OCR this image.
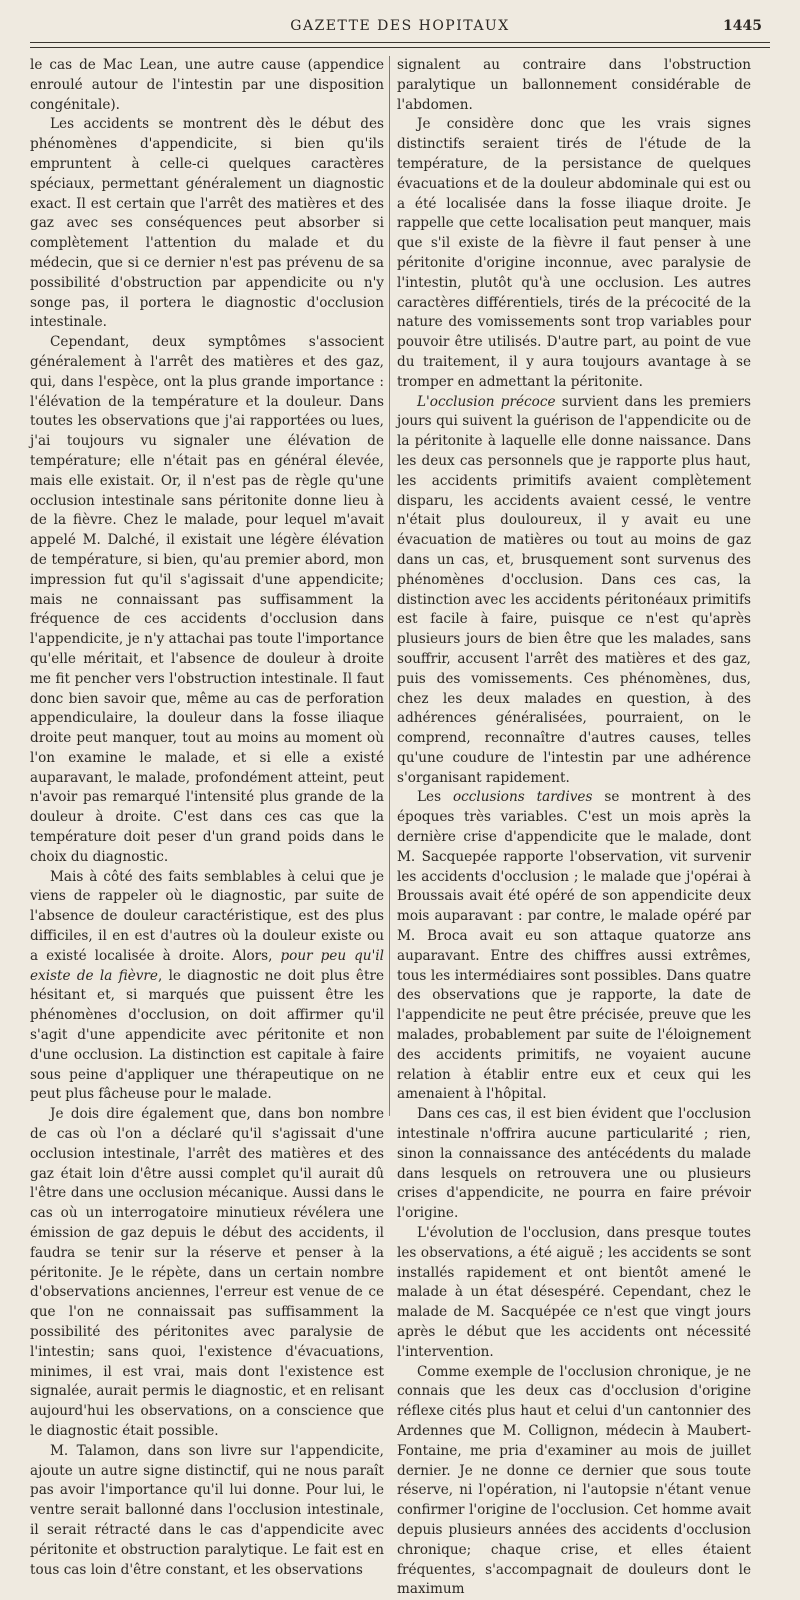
GAZETTE DES HOPITAUX	1445

le cas de Mac Lean, une autre cause (appendice enroulé autour de l'intestin par une disposition congénitale).

Les accidents se montrent dès le début des phénomènes d'appendicite, si bien qu'ils empruntent à celle-ci quelques caractères spéciaux, permettant généralement un diagnostic exact. Il est certain que l'arrêt des matières et des gaz avec ses conséquences peut absorber si complètement l'attention du malade et du médecin, que si ce dernier n'est pas prévenu de sa possibilité d'obstruction par appendicite ou n'y songe pas, il portera le diagnostic d'occlusion intestinale.

Cependant, deux symptômes s'associent généralement à l'arrêt des matières et des gaz, qui, dans l'espèce, ont la plus grande importance : l'élévation de la température et la douleur. Dans toutes les observations que j'ai rapportées ou lues, j'ai toujours vu signaler une élévation de température; elle n'était pas en général élevée, mais elle existait. Or, il n'est pas de règle qu'une occlusion intestinale sans péritonite donne lieu à de la fièvre. Chez le malade, pour lequel m'avait appelé M. Dalché, il existait une légère élévation de température, si bien, qu'au premier abord, mon impression fut qu'il s'agissait d'une appendicite; mais ne connaissant pas suffisamment la fréquence de ces accidents d'occlusion dans l'appendicite, je n'y attachai pas toute l'importance qu'elle méritait, et l'absence de douleur à droite me fit pencher vers l'obstruction intestinale. Il faut donc bien savoir que, même au cas de perforation appendiculaire, la douleur dans la fosse iliaque droite peut manquer, tout au moins au moment où l'on examine le malade, et si elle a existé auparavant, le malade, profondément atteint, peut n'avoir pas remarqué l'intensité plus grande de la douleur à droite. C'est dans ces cas que la température doit peser d'un grand poids dans le choix du diagnostic.

Mais à côté des faits semblables à celui que je viens de rappeler où le diagnostic, par suite de l'absence de douleur caractéristique, est des plus difficiles, il en est d'autres où la douleur existe ou a existé localisée à droite. Alors, pour peu qu'il existe de la fièvre, le diagnostic ne doit plus être hésitant et, si marqués que puissent être les phénomènes d'occlusion, on doit affirmer qu'il s'agit d'une appendicite avec péritonite et non d'une occlusion. La distinction est capitale à faire sous peine d'appliquer une thérapeutique on ne peut plus fâcheuse pour le malade.

Je dois dire également que, dans bon nombre de cas où l'on a déclaré qu'il s'agissait d'une occlusion intestinale, l'arrêt des matières et des gaz était loin d'être aussi complet qu'il aurait dû l'être dans une occlusion mécanique. Aussi dans le cas où un interrogatoire minutieux révélera une émission de gaz depuis le début des accidents, il faudra se tenir sur la réserve et penser à la péritonite. Je le répète, dans un certain nombre d'observations anciennes, l'erreur est venue de ce que l'on ne connaissait pas suffisamment la possibilité des péritonites avec paralysie de l'intestin; sans quoi, l'existence d'évacuations, minimes, il est vrai, mais dont l'existence est signalée, aurait permis le diagnostic, et en relisant aujourd'hui les observations, on a conscience que le diagnostic était possible.

M. Talamon, dans son livre sur l'appendicite, ajoute un autre signe distinctif, qui ne nous paraît pas avoir l'importance qu'il lui donne. Pour lui, le ventre serait ballonné dans l'occlusion intestinale, il serait rétracté dans le cas d'appendicite avec péritonite et obstruction paralytique. Le fait est en tous cas loin d'être constant, et les observations

signalent au contraire dans l'obstruction paralytique un ballonnement considérable de l'abdomen.

Je considère donc que les vrais signes distinctifs seraient tirés de l'étude de la température, de la persistance de quelques évacuations et de la douleur abdominale qui est ou a été localisée dans la fosse iliaque droite. Je rappelle que cette localisation peut manquer, mais que s'il existe de la fièvre il faut penser à une péritonite d'origine inconnue, avec paralysie de l'intestin, plutôt qu'à une occlusion. Les autres caractères différentiels, tirés de la précocité de la nature des vomissements sont trop variables pour pouvoir être utilisés. D'autre part, au point de vue du traitement, il y aura toujours avantage à se tromper en admettant la péritonite.

L'occlusion précoce survient dans les premiers jours qui suivent la guérison de l'appendicite ou de la péritonite à laquelle elle donne naissance. Dans les deux cas personnels que je rapporte plus haut, les accidents primitifs avaient complètement disparu, les accidents avaient cessé, le ventre n'était plus douloureux, il y avait eu une évacuation de matières ou tout au moins de gaz dans un cas, et, brusquement sont survenus des phénomènes d'occlusion. Dans ces cas, la distinction avec les accidents péritonéaux primitifs est facile à faire, puisque ce n'est qu'après plusieurs jours de bien être que les malades, sans souffrir, accusent l'arrêt des matières et des gaz, puis des vomissements. Ces phénomènes, dus, chez les deux malades en question, à des adhérences généralisées, pourraient, on le comprend, reconnaître d'autres causes, telles qu'une coudure de l'intestin par une adhérence s'organisant rapidement.

Les occlusions tardives se montrent à des époques très variables. C'est un mois après la dernière crise d'appendicite que le malade, dont M. Sacquepée rapporte l'observation, vit survenir les accidents d'occlusion ; le malade que j'opérai à Broussais avait été opéré de son appendicite deux mois auparavant : par contre, le malade opéré par M. Broca avait eu son attaque quatorze ans auparavant. Entre des chiffres aussi extrêmes, tous les intermédiaires sont possibles. Dans quatre des observations que je rapporte, la date de l'appendicite ne peut être précisée, preuve que les malades, probablement par suite de l'éloignement des accidents primitifs, ne voyaient aucune relation à établir entre eux et ceux qui les amenaient à l'hôpital.

Dans ces cas, il est bien évident que l'occlusion intestinale n'offrira aucune particularité ; rien, sinon la connaissance des antécédents du malade dans lesquels on retrouvera une ou plusieurs crises d'appendicite, ne pourra en faire prévoir l'origine.

L'évolution de l'occlusion, dans presque toutes les observations, a été aiguë ; les accidents se sont installés rapidement et ont bientôt amené le malade à un état désespéré. Cependant, chez le malade de M. Sacquépée ce n'est que vingt jours après le début que les accidents ont nécessité l'intervention.

Comme exemple de l'occlusion chronique, je ne connais que les deux cas d'occlusion d'origine réflexe cités plus haut et celui d'un cantonnier des Ardennes que M. Collignon, médecin à Maubert-Fontaine, me pria d'examiner au mois de juillet dernier. Je ne donne ce dernier que sous toute réserve, ni l'opération, ni l'autopsie n'étant venue confirmer l'origine de l'occlusion. Cet homme avait depuis plusieurs années des accidents d'occlusion chronique; chaque crise, et elles étaient fréquentes, s'accompagnait de douleurs dont le maximum
